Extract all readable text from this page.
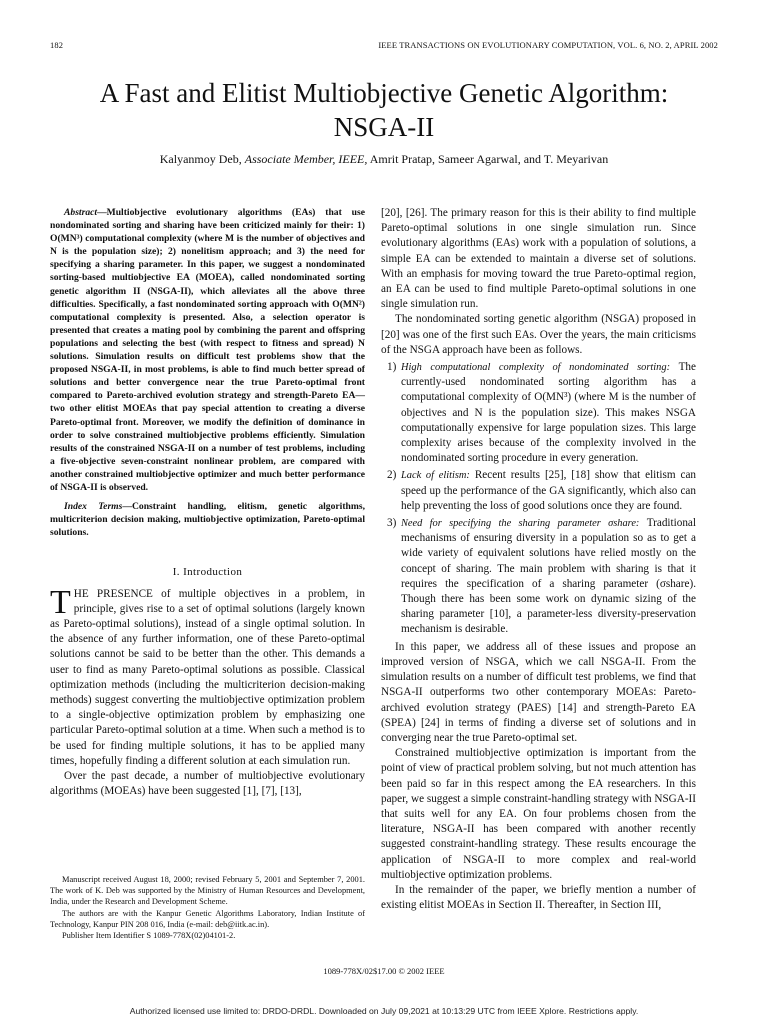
182	IEEE TRANSACTIONS ON EVOLUTIONARY COMPUTATION, VOL. 6, NO. 2, APRIL 2002
A Fast and Elitist Multiobjective Genetic Algorithm:
NSGA-II
Kalyanmoy Deb, Associate Member, IEEE, Amrit Pratap, Sameer Agarwal, and T. Meyarivan

Abstract—Multiobjective evolutionary algorithms (EAs) that use nondominated sorting and sharing have been criticized mainly for their: 1) O(MN³) computational complexity (where M is the number of objectives and N is the population size); 2) nonelitism approach; and 3) the need for specifying a sharing parameter. In this paper, we suggest a nondominated sorting-based multiobjective EA (MOEA), called nondominated sorting genetic algorithm II (NSGA-II), which alleviates all the above three difficulties. Specifically, a fast nondominated sorting approach with O(MN²) computational complexity is presented. Also, a selection operator is presented that creates a mating pool by combining the parent and offspring populations and selecting the best (with respect to fitness and spread) N solutions. Simulation results on difficult test problems show that the proposed NSGA-II, in most problems, is able to find much better spread of solutions and better convergence near the true Pareto-optimal front compared to Pareto-archived evolution strategy and strength-Pareto EA—two other elitist MOEAs that pay special attention to creating a diverse Pareto-optimal front. Moreover, we modify the definition of dominance in order to solve constrained multiobjective problems efficiently. Simulation results of the constrained NSGA-II on a number of test problems, including a five-objective seven-constraint nonlinear problem, are compared with another constrained multiobjective optimizer and much better performance of NSGA-II is observed.

Index Terms—Constraint handling, elitism, genetic algorithms, multicriterion decision making, multiobjective optimization, Pareto-optimal solutions.

I. Introduction

THE PRESENCE of multiple objectives in a problem, in principle, gives rise to a set of optimal solutions (largely known as Pareto-optimal solutions), instead of a single optimal solution. In the absence of any further information, one of these Pareto-optimal solutions cannot be said to be better than the other. This demands a user to find as many Pareto-optimal solutions as possible. Classical optimization methods (including the multicriterion decision-making methods) suggest converting the multiobjective optimization problem to a single-objective optimization problem by emphasizing one particular Pareto-optimal solution at a time. When such a method is to be used for finding multiple solutions, it has to be applied many times, hopefully finding a different solution at each simulation run.

Over the past decade, a number of multiobjective evolutionary algorithms (MOEAs) have been suggested [1], [7], [13],

Manuscript received August 18, 2000; revised February 5, 2001 and September 7, 2001. The work of K. Deb was supported by the Ministry of Human Resources and Development, India, under the Research and Development Scheme.

The authors are with the Kanpur Genetic Algorithms Laboratory, Indian Institute of Technology, Kanpur PIN 208 016, India (e-mail: deb@iitk.ac.in).

Publisher Item Identifier S 1089-778X(02)04101-2.

[20], [26]. The primary reason for this is their ability to find multiple Pareto-optimal solutions in one single simulation run. Since evolutionary algorithms (EAs) work with a population of solutions, a simple EA can be extended to maintain a diverse set of solutions. With an emphasis for moving toward the true Pareto-optimal region, an EA can be used to find multiple Pareto-optimal solutions in one single simulation run.

The nondominated sorting genetic algorithm (NSGA) proposed in [20] was one of the first such EAs. Over the years, the main criticisms of the NSGA approach have been as follows.

1) High computational complexity of nondominated sorting: The currently-used nondominated sorting algorithm has a computational complexity of O(MN³) (where M is the number of objectives and N is the population size). This makes NSGA computationally expensive for large population sizes. This large complexity arises because of the complexity involved in the nondominated sorting procedure in every generation.
2) Lack of elitism: Recent results [25], [18] show that elitism can speed up the performance of the GA significantly, which also can help preventing the loss of good solutions once they are found.
3) Need for specifying the sharing parameter σshare: Traditional mechanisms of ensuring diversity in a population so as to get a wide variety of equivalent solutions have relied mostly on the concept of sharing. The main problem with sharing is that it requires the specification of a sharing parameter (σshare). Though there has been some work on dynamic sizing of the sharing parameter [10], a parameter-less diversity-preservation mechanism is desirable.

In this paper, we address all of these issues and propose an improved version of NSGA, which we call NSGA-II. From the simulation results on a number of difficult test problems, we find that NSGA-II outperforms two other contemporary MOEAs: Pareto-archived evolution strategy (PAES) [14] and strength-Pareto EA (SPEA) [24] in terms of finding a diverse set of solutions and in converging near the true Pareto-optimal set.

Constrained multiobjective optimization is important from the point of view of practical problem solving, but not much attention has been paid so far in this respect among the EA researchers. In this paper, we suggest a simple constraint-handling strategy with NSGA-II that suits well for any EA. On four problems chosen from the literature, NSGA-II has been compared with another recently suggested constraint-handling strategy. These results encourage the application of NSGA-II to more complex and real-world multiobjective optimization problems.

In the remainder of the paper, we briefly mention a number of existing elitist MOEAs in Section II. Thereafter, in Section III,

1089-778X/02$17.00 © 2002 IEEE
Authorized licensed use limited to: DRDO-DRDL. Downloaded on July 09,2021 at 10:13:29 UTC from IEEE Xplore. Restrictions apply.
